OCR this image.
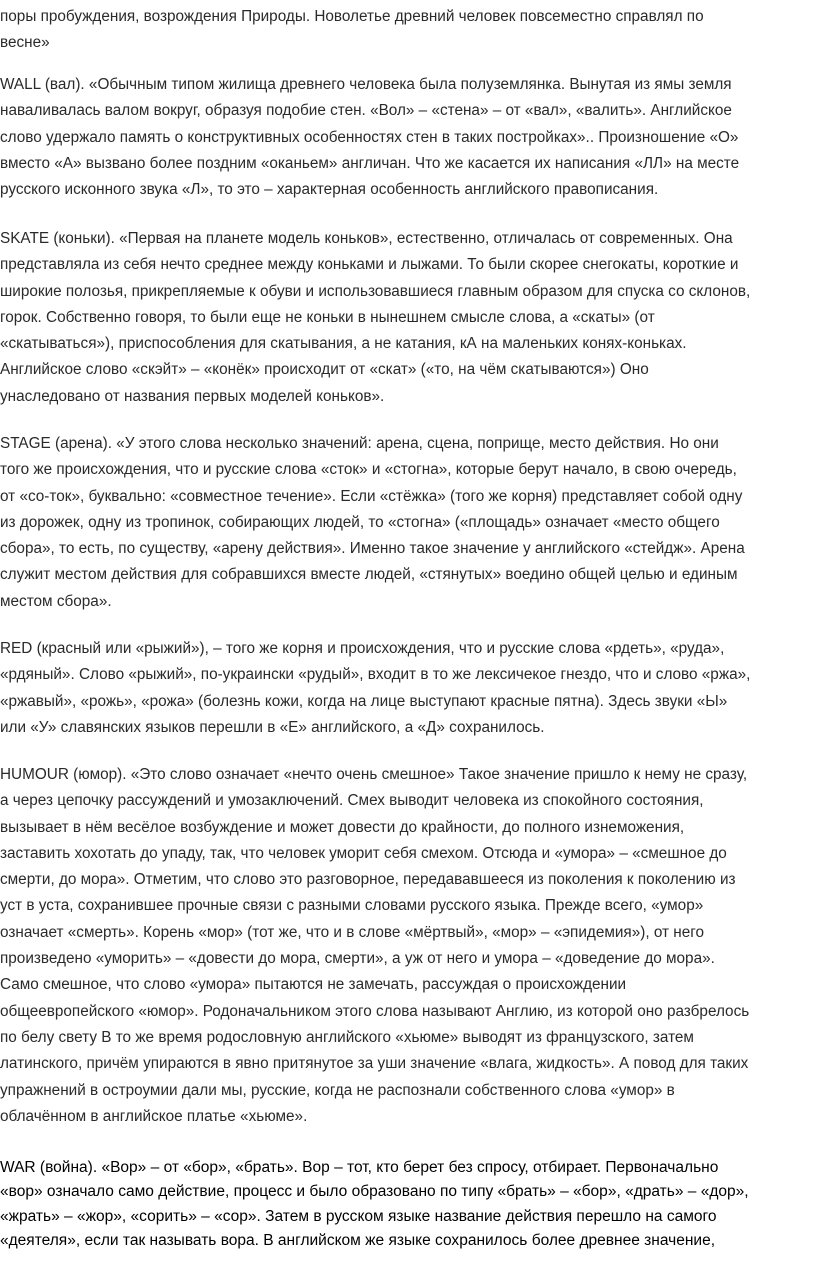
поры пробуждения, возрождения Природы. Новолетье древний человек повсеместно справлял по
весне»
WALL (вал). «Обычным типом жилища древнего человека была полуземлянка. Вынутая из ямы земля
наваливалась валом вокруг, образуя подобие стен. «Вол» – «стена» – от «вал», «валить». Английское
слово удержало память о конструктивных особенностях стен в таких постройках».. Произношение «О»
вместо «А» вызвано более поздним «оканьем» англичан. Что же касается их написания «ЛЛ» на месте
русского исконного звука «Л», то это – характерная особенность английского правописания.
SKATE (коньки). «Первая на планете модель коньков», естественно, отличалась от современных. Она
представляла из себя нечто среднее между коньками и лыжами. То были скорее снегокаты, короткие и
широкие полозья, прикрепляемые к обуви и использовавшиеся главным образом для спуска со склонов,
горок. Собственно говоря, то были еще не коньки в нынешнем смысле слова, а «скаты» (от
«скатываться»), приспособления для скатывания, а не катания, кА на маленьких конях-коньках.
Английское слово «скэйт» – «конёк» происходит от «скат» («то, на чём скатываются») Оно
унаследовано от названия первых моделей коньков».
STAGE (арена). «У этого слова несколько значений: арена, сцена, поприще, место действия. Но они
того же происхождения, что и русские слова «сток» и «стогна», которые берут начало, в свою очередь,
от «со-ток», буквально: «совместное течение». Если «стёжка» (того же корня) представляет собой одну
из дорожек, одну из тропинок, собирающих людей, то «стогна» («площадь» означает «место общего
сбора», то есть, по существу, «арену действия». Именно такое значение у английского «стейдж». Арена
служит местом действия для собравшихся вместе людей, «стянутых» воедино общей целью и единым
местом сбора».
RED (красный или «рыжий»), – того же корня и происхождения, что и русские слова «рдеть», «руда»,
«рдяный». Слово «рыжий», по-украински «рудый», входит в то же лексичекое гнездо, что и слово «ржа»,
«ржавый», «рожь», «рожа» (болезнь кожи, когда на лице выступают красные пятна). Здесь звуки «Ы»
или «У» славянских языков перешли в «Е» английского, а «Д» сохранилось.
HUMOUR (юмор). «Это слово означает «нечто очень смешное» Такое значение пришло к нему не сразу,
а через цепочку рассуждений и умозаключений. Смех выводит человека из спокойного состояния,
вызывает в нём весёлое возбуждение и может довести до крайности, до полного изнеможения,
заставить хохотать до упаду, так, что человек уморит себя смехом. Отсюда и «умора» – «смешное до
смерти, до мора». Отметим, что слово это разговорное, передававшееся из поколения к поколению из
уст в уста, сохранившее прочные связи с разными словами русского языка. Прежде всего, «умор»
означает «смерть». Корень «мор» (тот же, что и в слове «мёртвый», «мор» – «эпидемия»), от него
произведено «уморить» – «довести до мора, смерти», а уж от него и умора – «доведение до мора».
Само смешное, что слово «умора» пытаются не замечать, рассуждая о происхождении
общеевропейского «юмор». Родоначальником этого слова называют Англию, из которой оно разбрелось
по белу свету В то же время родословную английского «хьюме» выводят из французского, затем
латинского, причём упираются в явно притянутое за уши значение «влага, жидкость». А повод для таких
упражнений в остроумии дали мы, русские, когда не распознали собственного слова «умор» в
облачённом в английское платье «хьюме».
WAR (война). «Вор» – от «бор», «брать». Вор – тот, кто берет без спросу, отбирает. Первоначально
«вор» означало само действие, процесс и было образовано по типу «брать» – «бор», «драть» – «дор»,
«жрать» – «жор», «сорить» – «сор». Затем в русском языке название действия перешло на самого
«деятеля», если так называть вора. В английском же языке сохранилось более древнее значение,
